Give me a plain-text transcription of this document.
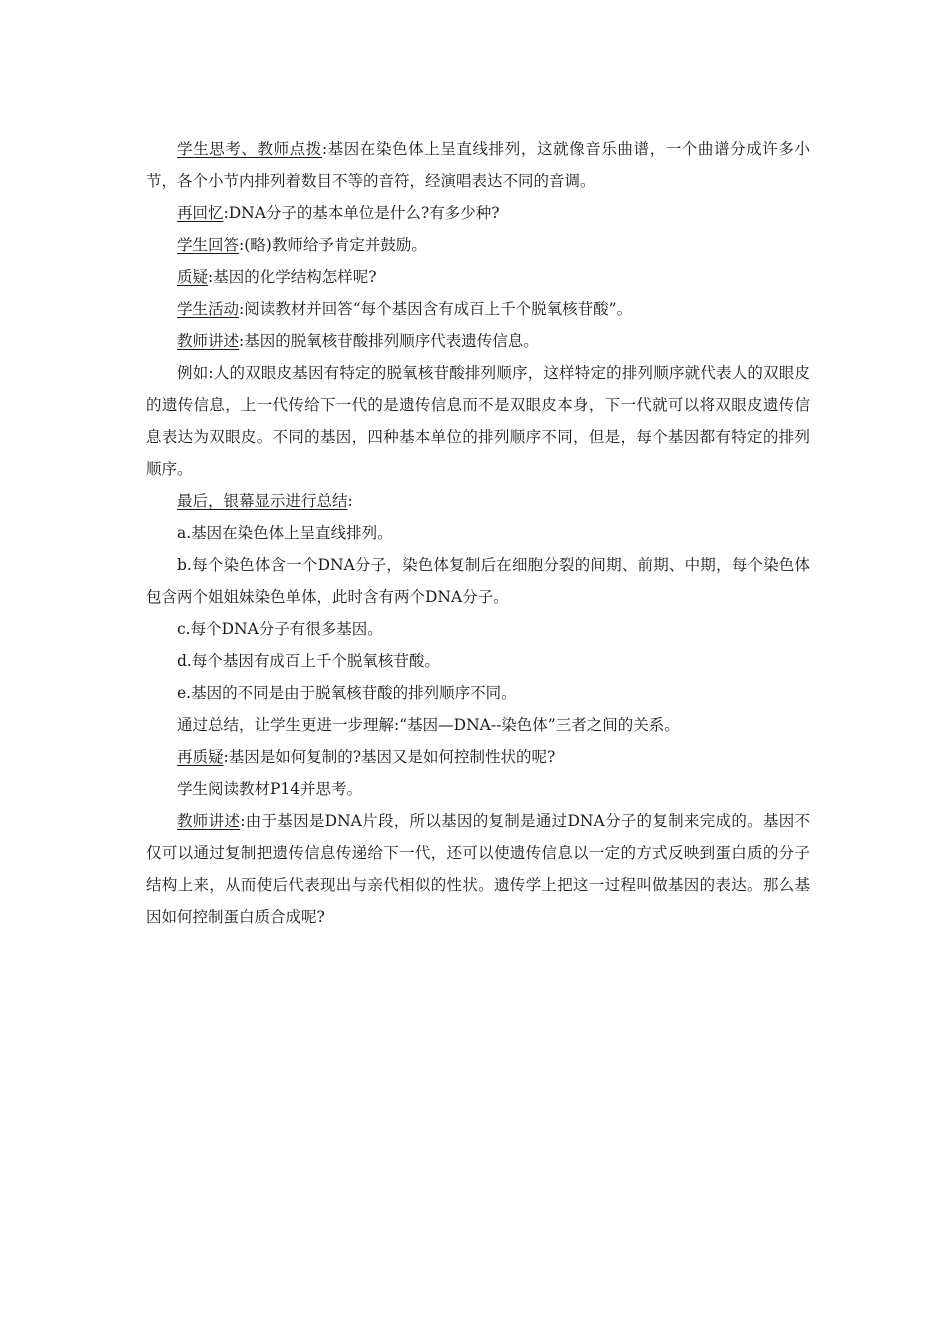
学生思考、教师点拨:基因在染色体上呈直线排列，这就像音乐曲谱，一个曲谱分成许多小节，各个小节内排列着数目不等的音符，经演唱表达不同的音调。

再回忆:DNA分子的基本单位是什么?有多少种?

学生回答:(略)教师给予肯定并鼓励。

质疑:基因的化学结构怎样呢?

学生活动:阅读教材并回答“每个基因含有成百上千个脱氧核苷酸”。

教师讲述:基因的脱氧核苷酸排列顺序代表遗传信息。

例如:人的双眼皮基因有特定的脱氧核苷酸排列顺序，这样特定的排列顺序就代表人的双眼皮的遗传信息，上一代传给下一代的是遗传信息而不是双眼皮本身，下一代就可以将双眼皮遗传信息表达为双眼皮。不同的基因，四种基本单位的排列顺序不同，但是，每个基因都有特定的排列顺序。

最后，银幕显示进行总结:

a.基因在染色体上呈直线排列。

b.每个染色体含一个DNA分子，染色体复制后在细胞分裂的间期、前期、中期，每个染色体包含两个姐姐妹染色单体，此时含有两个DNA分子。

c.每个DNA分子有很多基因。

d.每个基因有成百上千个脱氧核苷酸。

e.基因的不同是由于脱氧核苷酸的排列顺序不同。

通过总结，让学生更进一步理解:“基因—DNA--染色体”三者之间的关系。

再质疑:基因是如何复制的?基因又是如何控制性状的呢?

学生阅读教材P14并思考。

教师讲述:由于基因是DNA片段，所以基因的复制是通过DNA分子的复制来完成的。基因不仅可以通过复制把遗传信息传递给下一代，还可以使遗传信息以一定的方式反映到蛋白质的分子结构上来，从而使后代表现出与亲代相似的性状。遗传学上把这一过程叫做基因的表达。那么基因如何控制蛋白质合成呢?
